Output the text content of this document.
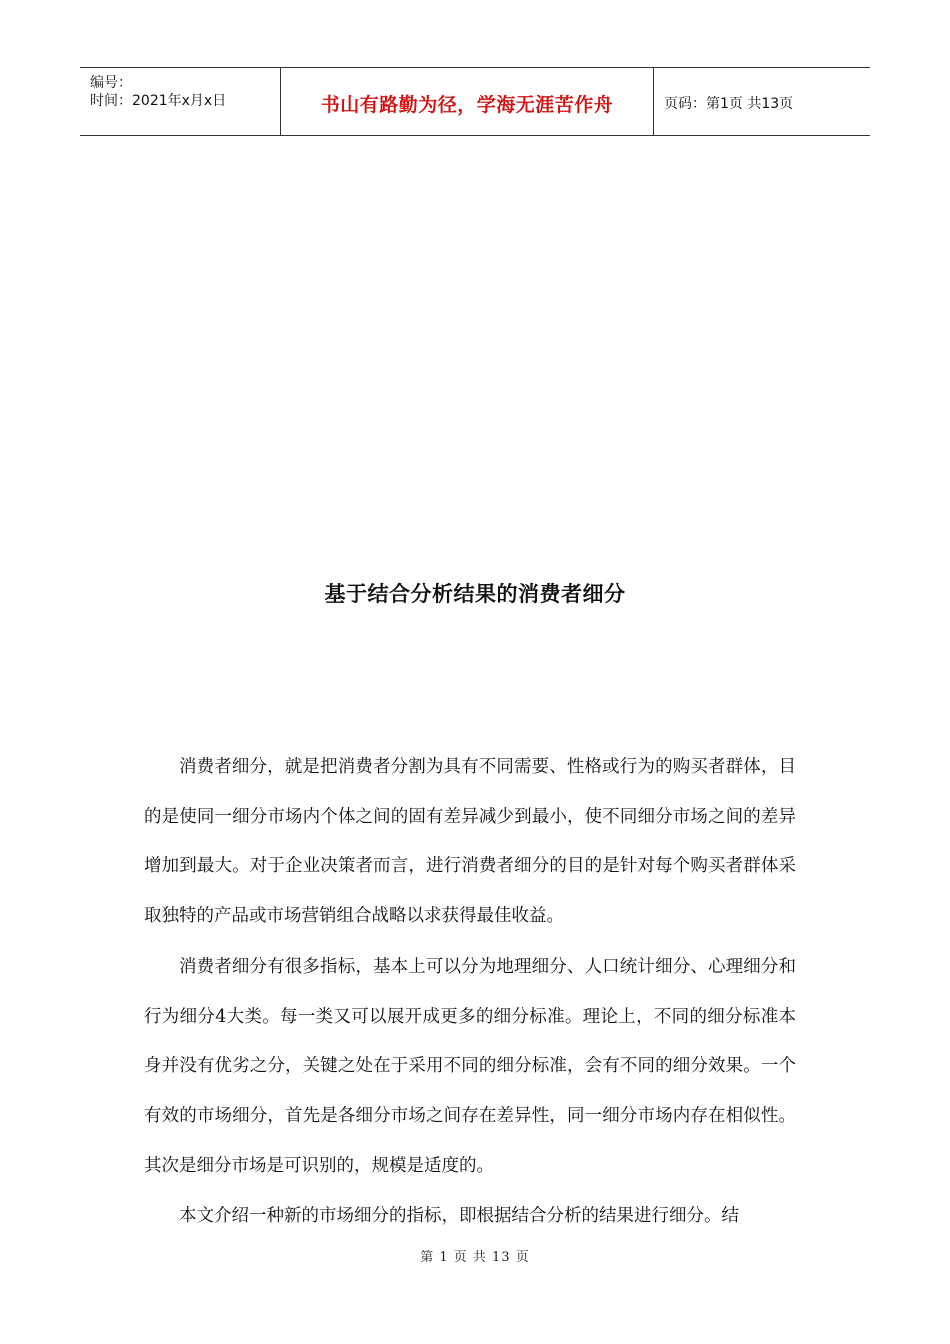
编号：
时间：2021年x月x日	书山有路勤为径，学海无涯苦作舟	页码：第1页 共13页
基于结合分析结果的消费者细分

消费者细分，就是把消费者分割为具有不同需要、性格或行为的购买者群体，目的是使同一细分市场内个体之间的固有差异减少到最小，使不同细分市场之间的差异增加到最大。对于企业决策者而言，进行消费者细分的目的是针对每个购买者群体采取独特的产品或市场营销组合战略以求获得最佳收益。

消费者细分有很多指标，基本上可以分为地理细分、人口统计细分、心理细分和行为细分4大类。每一类又可以展开成更多的细分标准。理论上，不同的细分标准本身并没有优劣之分，关键之处在于采用不同的细分标准，会有不同的细分效果。一个有效的市场细分，首先是各细分市场之间存在差异性，同一细分市场内存在相似性。其次是细分市场是可识别的，规模是适度的。

本文介绍一种新的市场细分的指标，即根据结合分析的结果进行细分。结

第 1 页 共 13 页
